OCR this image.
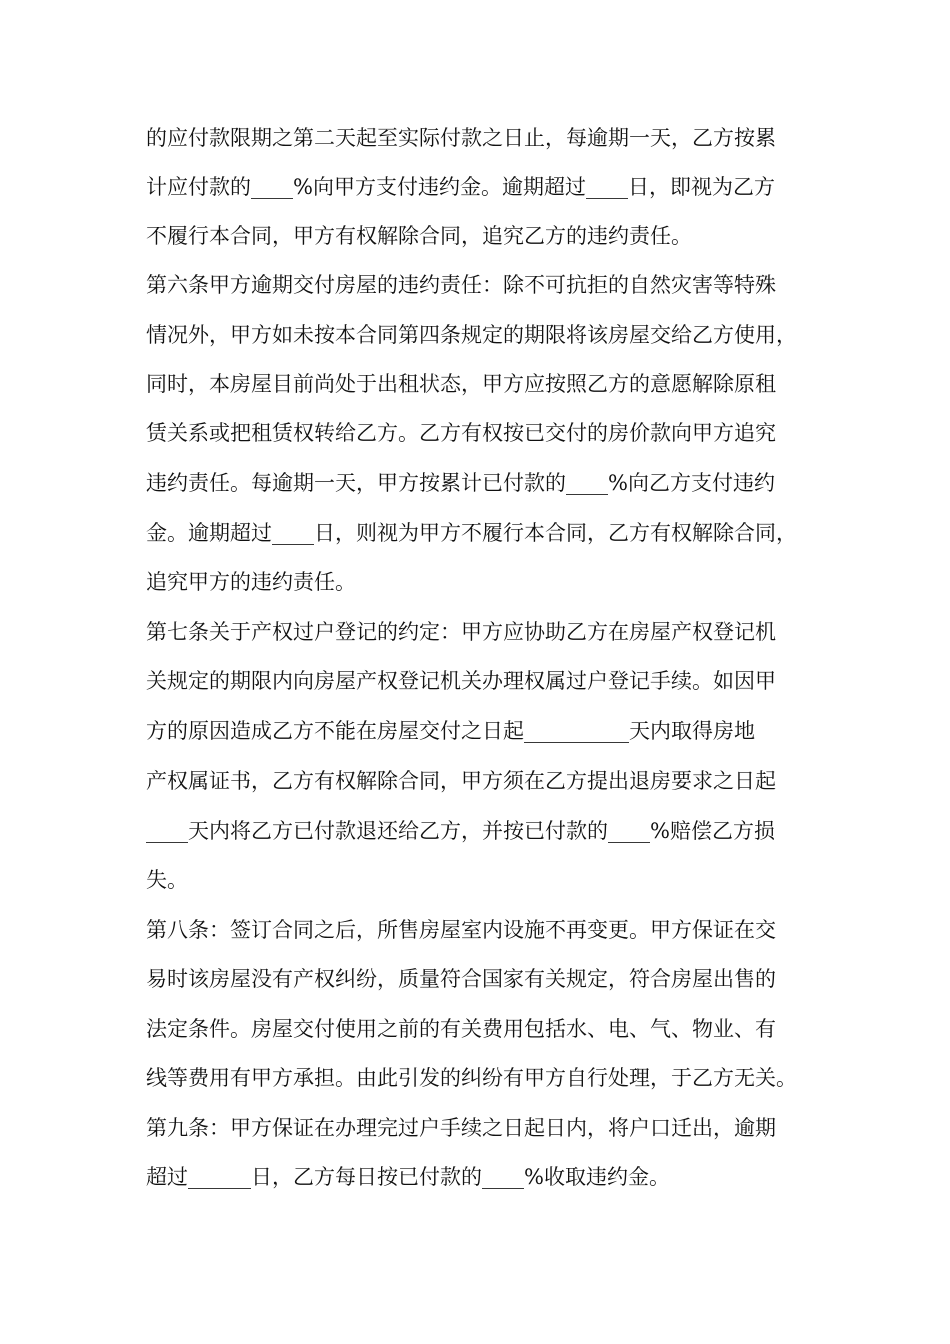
的应付款限期之第二天起至实际付款之日止，每逾期一天，乙方按累

计应付款的____%向甲方支付违约金。逾期超过____日，即视为乙方

不履行本合同，甲方有权解除合同，追究乙方的违约责任。

第六条甲方逾期交付房屋的违约责任：除不可抗拒的自然灾害等特殊

情况外，甲方如未按本合同第四条规定的期限将该房屋交给乙方使用，

同时，本房屋目前尚处于出租状态，甲方应按照乙方的意愿解除原租

赁关系或把租赁权转给乙方。乙方有权按已交付的房价款向甲方追究

违约责任。每逾期一天，甲方按累计已付款的____%向乙方支付违约

金。逾期超过____日，则视为甲方不履行本合同，乙方有权解除合同，

追究甲方的违约责任。

第七条关于产权过户登记的约定：甲方应协助乙方在房屋产权登记机

关规定的期限内向房屋产权登记机关办理权属过户登记手续。如因甲

方的原因造成乙方不能在房屋交付之日起__________天内取得房地

产权属证书，乙方有权解除合同，甲方须在乙方提出退房要求之日起

____天内将乙方已付款退还给乙方，并按已付款的____%赔偿乙方损

失。

第八条：签订合同之后，所售房屋室内设施不再变更。甲方保证在交

易时该房屋没有产权纠纷，质量符合国家有关规定，符合房屋出售的

法定条件。房屋交付使用之前的有关费用包括水、电、气、物业、有

线等费用有甲方承担。由此引发的纠纷有甲方自行处理，于乙方无关。

第九条：甲方保证在办理完过户手续之日起日内，将户口迁出，逾期

超过______日，乙方每日按已付款的____%收取违约金。
